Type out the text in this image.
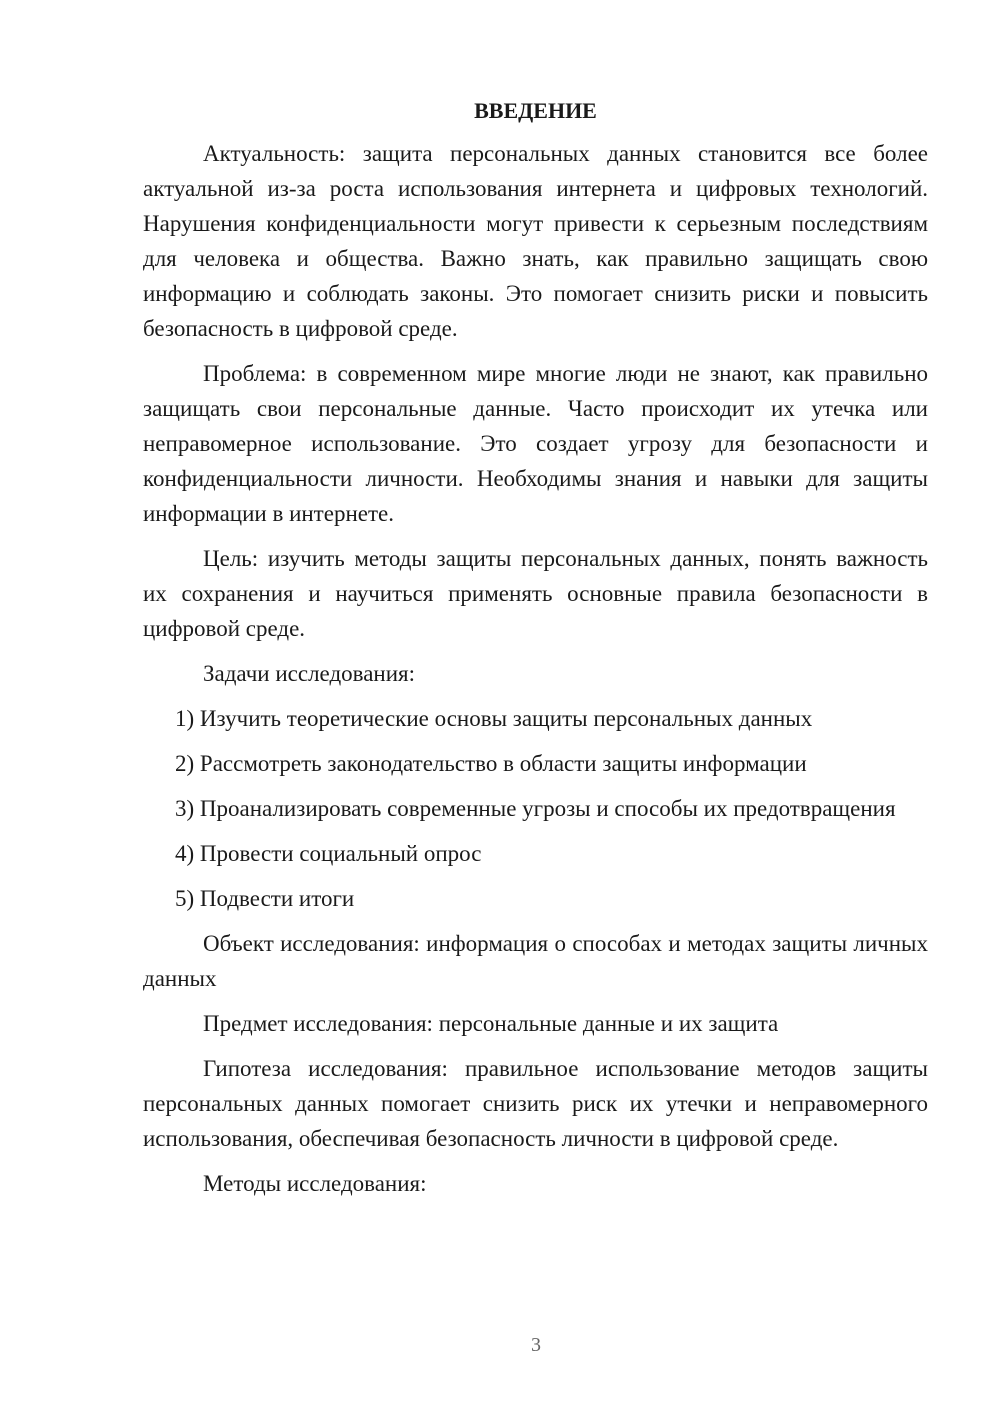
ВВЕДЕНИЕ

Актуальность: защита персональных данных становится все более актуальной из-за роста использования интернета и цифровых технологий. Нарушения конфиденциальности могут привести к серьезным последствиям для человека и общества. Важно знать, как правильно защищать свою информацию и соблюдать законы. Это помогает снизить риски и повысить безопасность в цифровой среде.

Проблема: в современном мире многие люди не знают, как правильно защищать свои персональные данные. Часто происходит их утечка или неправомерное использование. Это создает угрозу для безопасности и конфиденциальности личности. Необходимы знания и навыки для защиты информации в интернете.

Цель: изучить методы защиты персональных данных, понять важность их сохранения и научиться применять основные правила безопасности в цифровой среде.

Задачи исследования:

1) Изучить теоретические основы защиты персональных данных

2) Рассмотреть законодательство в области защиты информации

3) Проанализировать современные угрозы и способы их предотвращения

4) Провести социальный опрос

5) Подвести итоги

Объект исследования: информация о способах и методах защиты личных данных

Предмет исследования: персональные данные и их защита

Гипотеза исследования: правильное использование методов защиты персональных данных помогает снизить риск их утечки и неправомерного использования, обеспечивая безопасность личности в цифровой среде.

Методы исследования:

3
